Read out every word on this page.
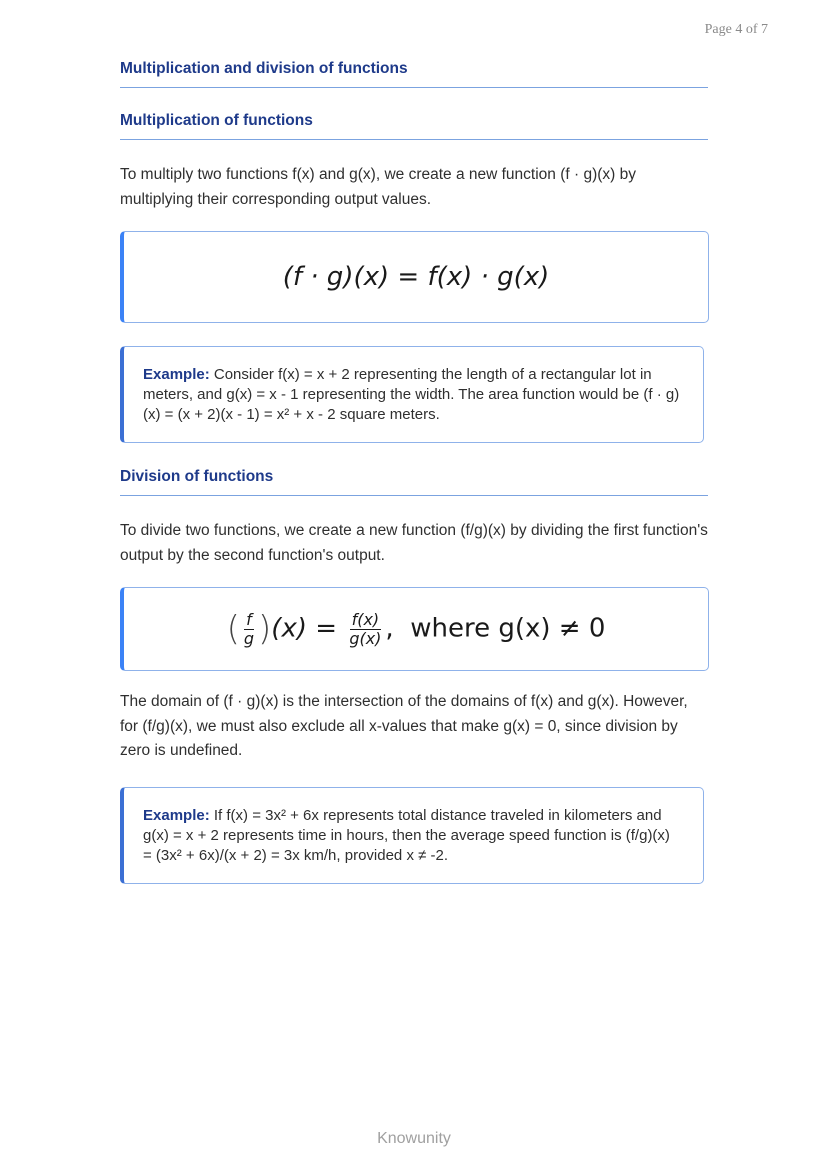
Page 4 of 7
Multiplication and division of functions
Multiplication of functions
To multiply two functions f(x) and g(x), we create a new function (f · g)(x) by multiplying their corresponding output values.
(f · g)(x) = f(x) · g(x)
Example: Consider f(x) = x + 2 representing the length of a rectangular lot in meters, and g(x) = x - 1 representing the width. The area function would be (f · g)(x) = (x + 2)(x - 1) = x² + x - 2 square meters.
Division of functions
To divide two functions, we create a new function (f/g)(x) by dividing the first function's output by the second function's output.
( $\frac{f}{g} )(x) = \frac{f(x)}{g(x)}$ ,  where g(x) ≠ 0
The domain of (f · g)(x) is the intersection of the domains of f(x) and g(x). However, for (f/g)(x), we must also exclude all x-values that make g(x) = 0, since division by zero is undefined.
Example: If f(x) = 3x² + 6x represents total distance traveled in kilometers and g(x) = x + 2 represents time in hours, then the average speed function is (f/g)(x) = (3x² + 6x)/(x + 2) = 3x km/h, provided x ≠ -2.
Knowunity
